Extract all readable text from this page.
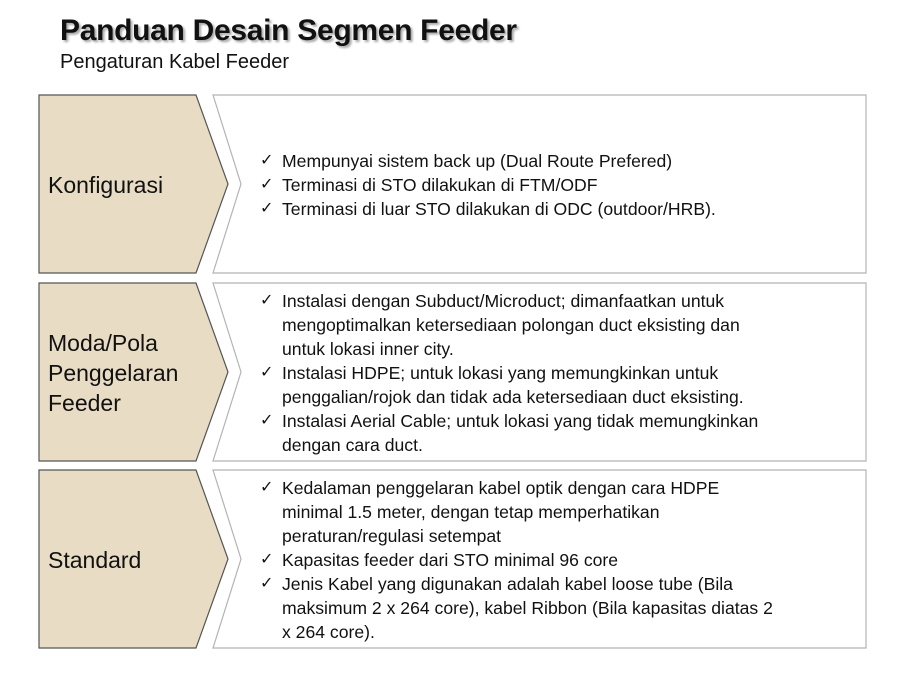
Panduan Desain Segmen Feeder
Pengaturan Kabel Feeder
Konfigurasi
✓ Mempunyai sistem back up (Dual Route Prefered)
✓ Terminasi di STO dilakukan di FTM/ODF
✓ Terminasi di luar STO dilakukan di ODC (outdoor/HRB).
Moda/Pola
Penggelaran
Feeder
✓ Instalasi dengan Subduct/Microduct; dimanfaatkan untuk
mengoptimalkan ketersediaan polongan duct eksisting dan
untuk lokasi inner city.
✓ Instalasi HDPE; untuk lokasi yang memungkinkan untuk
penggalian/rojok dan tidak ada ketersediaan duct eksisting.
✓ Instalasi Aerial Cable; untuk lokasi yang tidak memungkinkan
dengan cara duct.
Standard
✓ Kedalaman penggelaran kabel optik dengan cara HDPE
minimal 1.5 meter, dengan tetap memperhatikan
peraturan/regulasi setempat
✓ Kapasitas feeder dari STO minimal 96 core
✓ Jenis Kabel yang digunakan adalah kabel loose tube (Bila
maksimum 2 x 264 core), kabel Ribbon (Bila kapasitas diatas 2
x 264 core).
